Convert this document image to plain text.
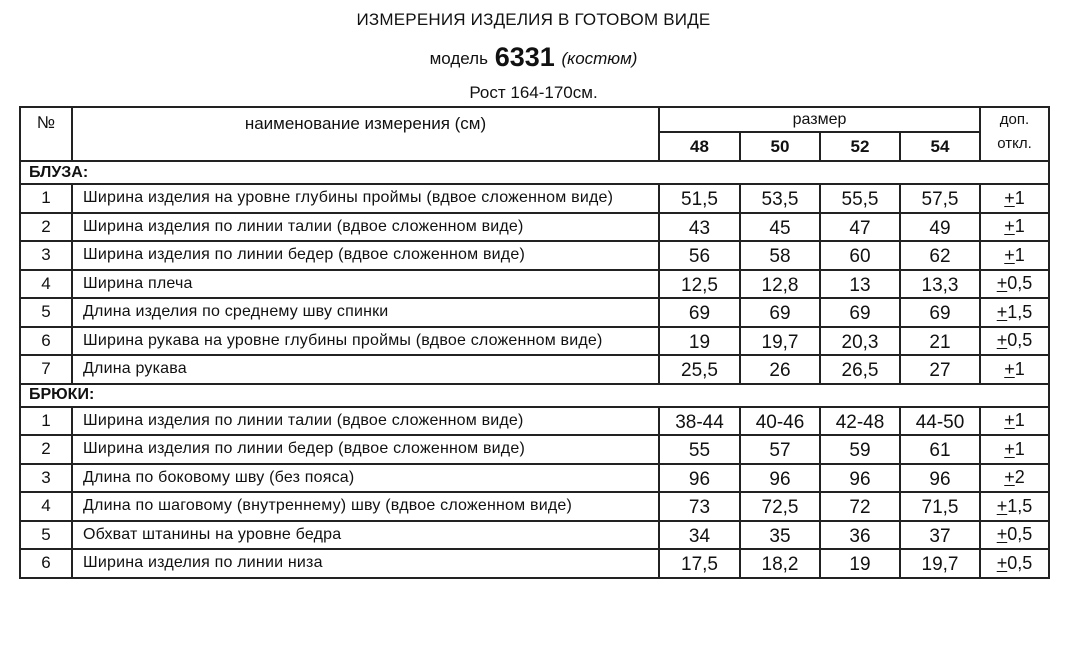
ИЗМЕРЕНИЯ ИЗДЕЛИЯ В ГОТОВОМ ВИДЕ
модель 6331 (костюм)
Рост 164-170см.
№	наименование измерения (см)	размер				доп.
откл.
		48	50	52	54	
БЛУЗА:						
1	Ширина изделия на уровне глубины проймы (вдвое сложенном виде)	51,5	53,5	55,5	57,5	+1
2	Ширина изделия по линии талии (вдвое сложенном виде)	43	45	47	49	+1
3	Ширина изделия по линии бедер (вдвое сложенном виде)	56	58	60	62	+1
4	Ширина плеча	12,5	12,8	13	13,3	+0,5
5	Длина изделия по среднему шву спинки	69	69	69	69	+1,5
6	Ширина рукава на уровне глубины проймы (вдвое сложенном виде)	19	19,7	20,3	21	+0,5
7	Длина рукава	25,5	26	26,5	27	+1
БРЮКИ:						
1	Ширина изделия по линии талии (вдвое сложенном виде)	38-44	40-46	42-48	44-50	+1
2	Ширина изделия по линии бедер (вдвое сложенном виде)	55	57	59	61	+1
3	Длина по боковому шву (без пояса)	96	96	96	96	+2
4	Длина по шаговому (внутреннему) шву (вдвое сложенном виде)	73	72,5	72	71,5	+1,5
5	Обхват штанины на уровне бедра	34	35	36	37	+0,5
6	Ширина изделия по линии низа	17,5	18,2	19	19,7	+0,5
